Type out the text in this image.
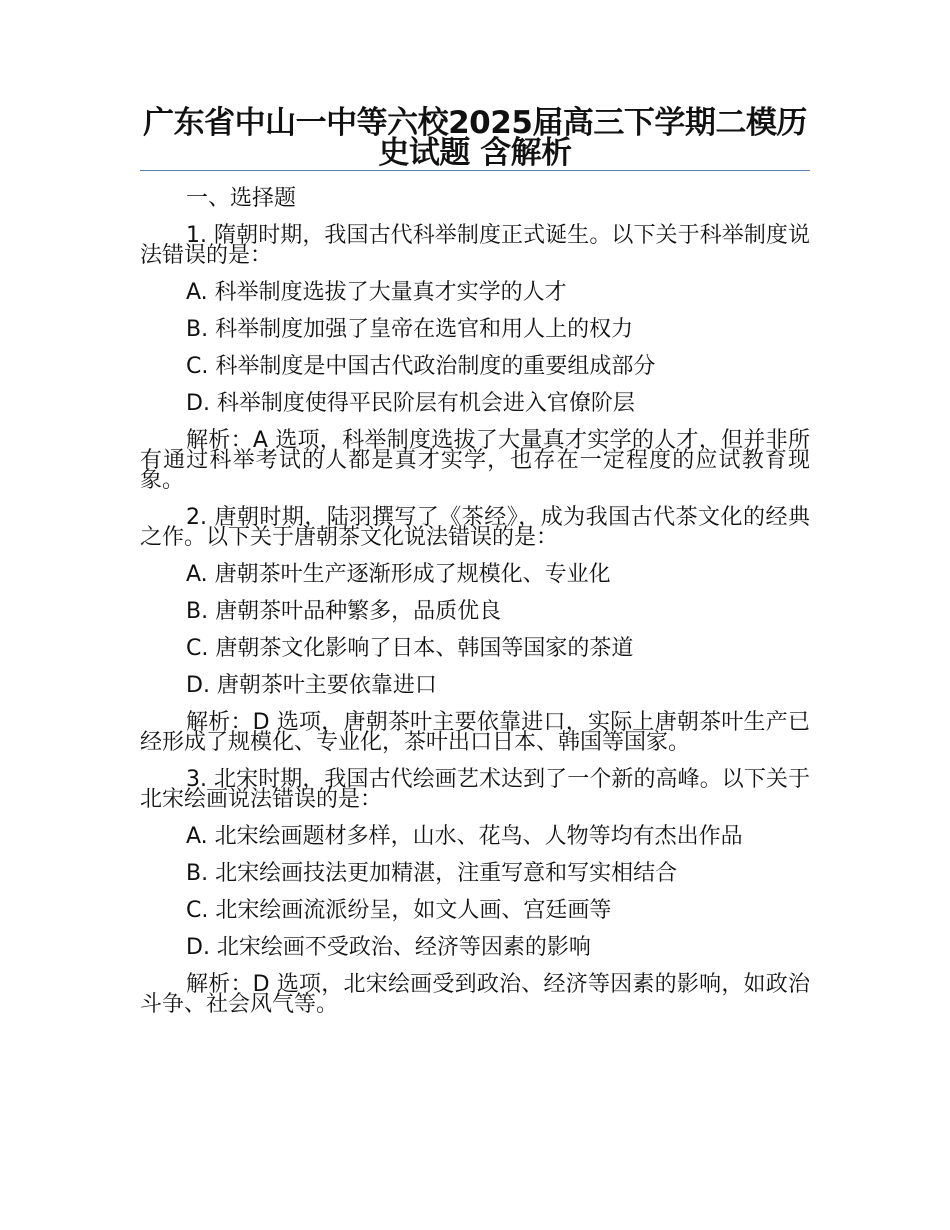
广东省中山一中等六校2025届高三下学期二模历史试题 含解析

一、选择题

1. 隋朝时期，我国古代科举制度正式诞生。以下关于科举制度说法错误的是：

A. 科举制度选拔了大量真才实学的人才

B. 科举制度加强了皇帝在选官和用人上的权力

C. 科举制度是中国古代政治制度的重要组成部分

D. 科举制度使得平民阶层有机会进入官僚阶层

解析：A 选项，科举制度选拔了大量真才实学的人才，但并非所有通过科举考试的人都是真才实学，也存在一定程度的应试教育现象。

2. 唐朝时期，陆羽撰写了《茶经》，成为我国古代茶文化的经典之作。以下关于唐朝茶文化说法错误的是：

A. 唐朝茶叶生产逐渐形成了规模化、专业化

B. 唐朝茶叶品种繁多，品质优良

C. 唐朝茶文化影响了日本、韩国等国家的茶道

D. 唐朝茶叶主要依靠进口

解析：D 选项，唐朝茶叶主要依靠进口，实际上唐朝茶叶生产已经形成了规模化、专业化，茶叶出口日本、韩国等国家。

3. 北宋时期，我国古代绘画艺术达到了一个新的高峰。以下关于北宋绘画说法错误的是：

A. 北宋绘画题材多样，山水、花鸟、人物等均有杰出作品

B. 北宋绘画技法更加精湛，注重写意和写实相结合

C. 北宋绘画流派纷呈，如文人画、宫廷画等

D. 北宋绘画不受政治、经济等因素的影响

解析：D 选项，北宋绘画受到政治、经济等因素的影响，如政治斗争、社会风气等。
